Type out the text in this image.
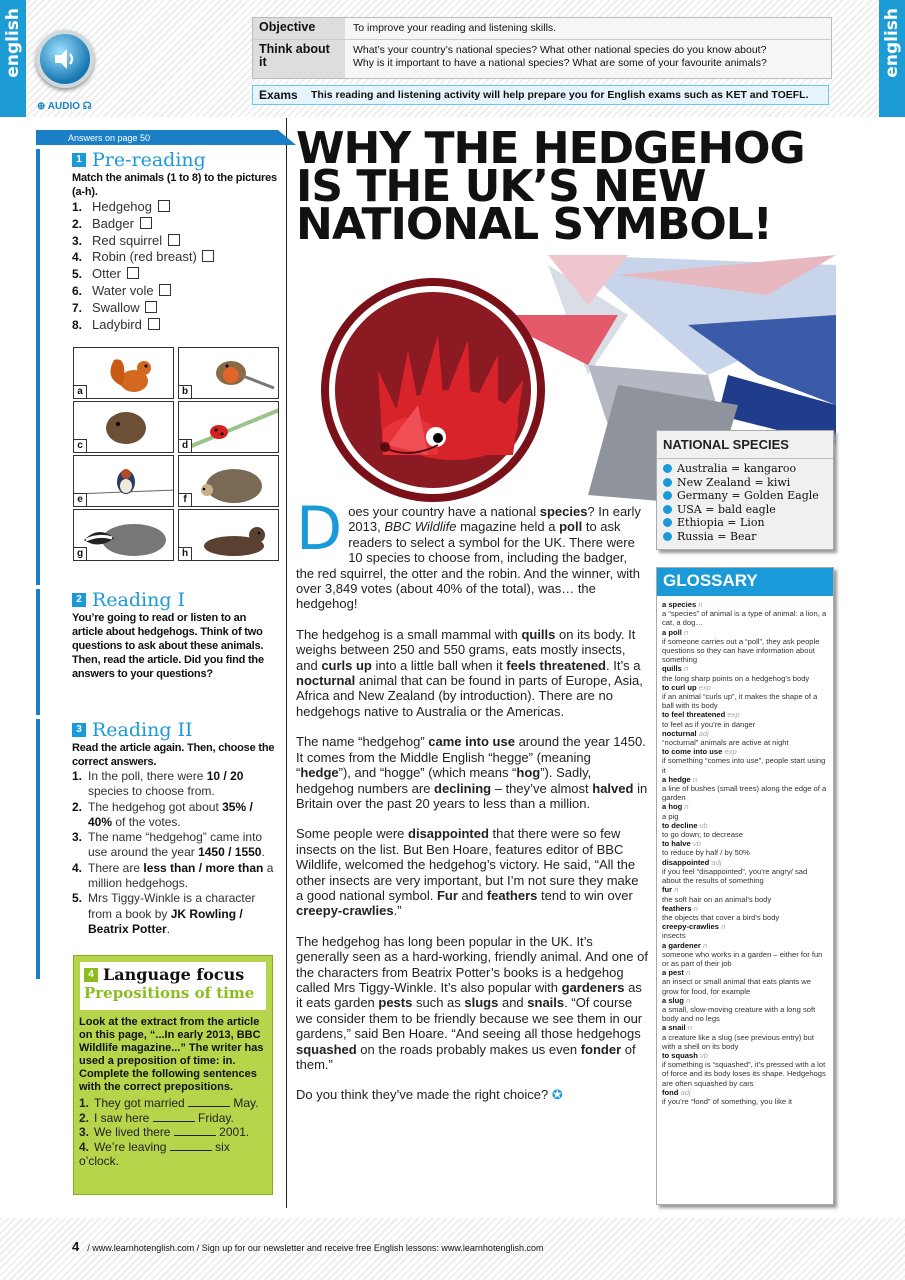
english	english
⊕ AUDIO ☊
Objective	To improve your reading and listening skills.
Think about it
What’s your country’s national species? What other national species do you know about?
Why is it important to have a national species? What are some of your favourite animals?
Exams	This reading and listening activity will help prepare you for English exams such as KET and TOEFL.
Answers on page 50
1 Pre-reading
Match the animals (1 to 8) to the pictures (a-h).
1. Hedgehog
2. Badger
3. Red squirrel
4. Robin (red breast)
5. Otter
6. Water vole
7. Swallow
8. Ladybird
2 Reading I
You’re going to read or listen to an article about hedgehogs. Think of two questions to ask about these animals. Then, read the article. Did you find the answers to your questions?
3 Reading II
Read the article again. Then, choose the correct answers.
1. In the poll, there were 10 / 20 species to choose from.
2. The hedgehog got about 35% / 40% of the votes.
3. The name “hedgehog” came into use around the year 1450 / 1550.
4. There are less than / more than a million hedgehogs.
5. Mrs Tiggy-Winkle is a character from a book by JK Rowling / Beatrix Potter.
a	b
c	d
e	f
g	h
4 Language focus
Prepositions of time
Look at the extract from the article on this page, “...In early 2013, BBC Wildlife magazine...” The writer has used a preposition of time: in. Complete the following sentences with the correct prepositions.
1. They got married	May.
2. I saw here	Friday.
3. We lived there	2001.
4. We’re leaving	six o’clock.
WHY THE HEDGEHOG
IS THE UK’S NEW
NATIONAL SYMBOL!
NATIONAL SPECIES
Australia = kangaroo
New Zealand = kiwi
Germany = Golden Eagle
USA = bald eagle
Ethiopia = Lion
Russia = Bear
GLOSSARY
a species n
a “species” of animal is a type of animal: a lion, a cat, a dog…
a poll n
if someone carries out a “poll”, they ask people questions so they can have information about something
quills n
the long sharp points on a hedgehog’s body
to curl up exp
if an animal “curls up”, it makes the shape of a ball with its body
to feel threatened exp
to feel as if you’re in danger
nocturnal adj
“nocturnal” animals are active at night
to come into use exp
if something “comes into use”, people start using it
a hedge n
a line of bushes (small trees) along the edge of a garden
a hog n
a pig
to decline vb
to go down; to decrease
to halve vb
to reduce by half / by 50%
disappointed adj
if you feel “disappointed”, you’re angry/ sad about the results of something
fur n
the soft hair on an animal’s body
feathers n
the objects that cover a bird’s body
creepy-crawlies n
insects
a gardener n
someone who works in a garden – either for fun or as part of their job
a pest n
an insect or small animal that eats plants we grow for food, for example
a slug n
a small, slow-moving creature with a long soft body and no legs
a snail n
a creature like a slug (see previous entry) but with a shell on its body
to squash vb
if something is “squashed”, it’s pressed with a lot of force and its body loses its shape. Hedgehogs are often squashed by cars
fond adj
if you’re “fond” of something, you like it

Does your country have a national species? In early 2013, BBC Wildlife magazine held a poll to ask readers to select a symbol for the UK. There were 10 species to choose from, including the badger, the red squirrel, the otter and the robin. And the winner, with over 3,849 votes (about 40% of the total), was… the hedgehog!

The hedgehog is a small mammal with quills on its body. It weighs between 250 and 550 grams, eats mostly insects, and curls up into a little ball when it feels threatened. It’s a nocturnal animal that can be found in parts of Europe, Asia, Africa and New Zealand (by introduction). There are no hedgehogs native to Australia or the Americas.

The name “hedgehog” came into use around the year 1450. It comes from the Middle English “hegge” (meaning “hedge”), and “hogge” (which means “hog”). Sadly, hedgehog numbers are declining – they’ve almost halved in Britain over the past 20 years to less than a million.

Some people were disappointed that there were so few insects on the list. But Ben Hoare, features editor of BBC Wildlife, welcomed the hedgehog’s victory. He said, “All the other insects are very important, but I’m not sure they make a good national symbol. Fur and feathers tend to win over creepy-crawlies.”

The hedgehog has long been popular in the UK. It’s generally seen as a hard-working, friendly animal. And one of the characters from Beatrix Potter’s books is a hedgehog called Mrs Tiggy-Winkle. It’s also popular with gardeners as it eats garden pests such as slugs and snails. “Of course we consider them to be friendly because we see them in our gardens,” said Ben Hoare. “And seeing all those hedgehogs squashed on the roads probably makes us even fonder of them.”

Do you think they’ve made the right choice? ✪

4 / www.learnhotenglish.com / Sign up for our newsletter and receive free English lessons: www.learnhotenglish.com
